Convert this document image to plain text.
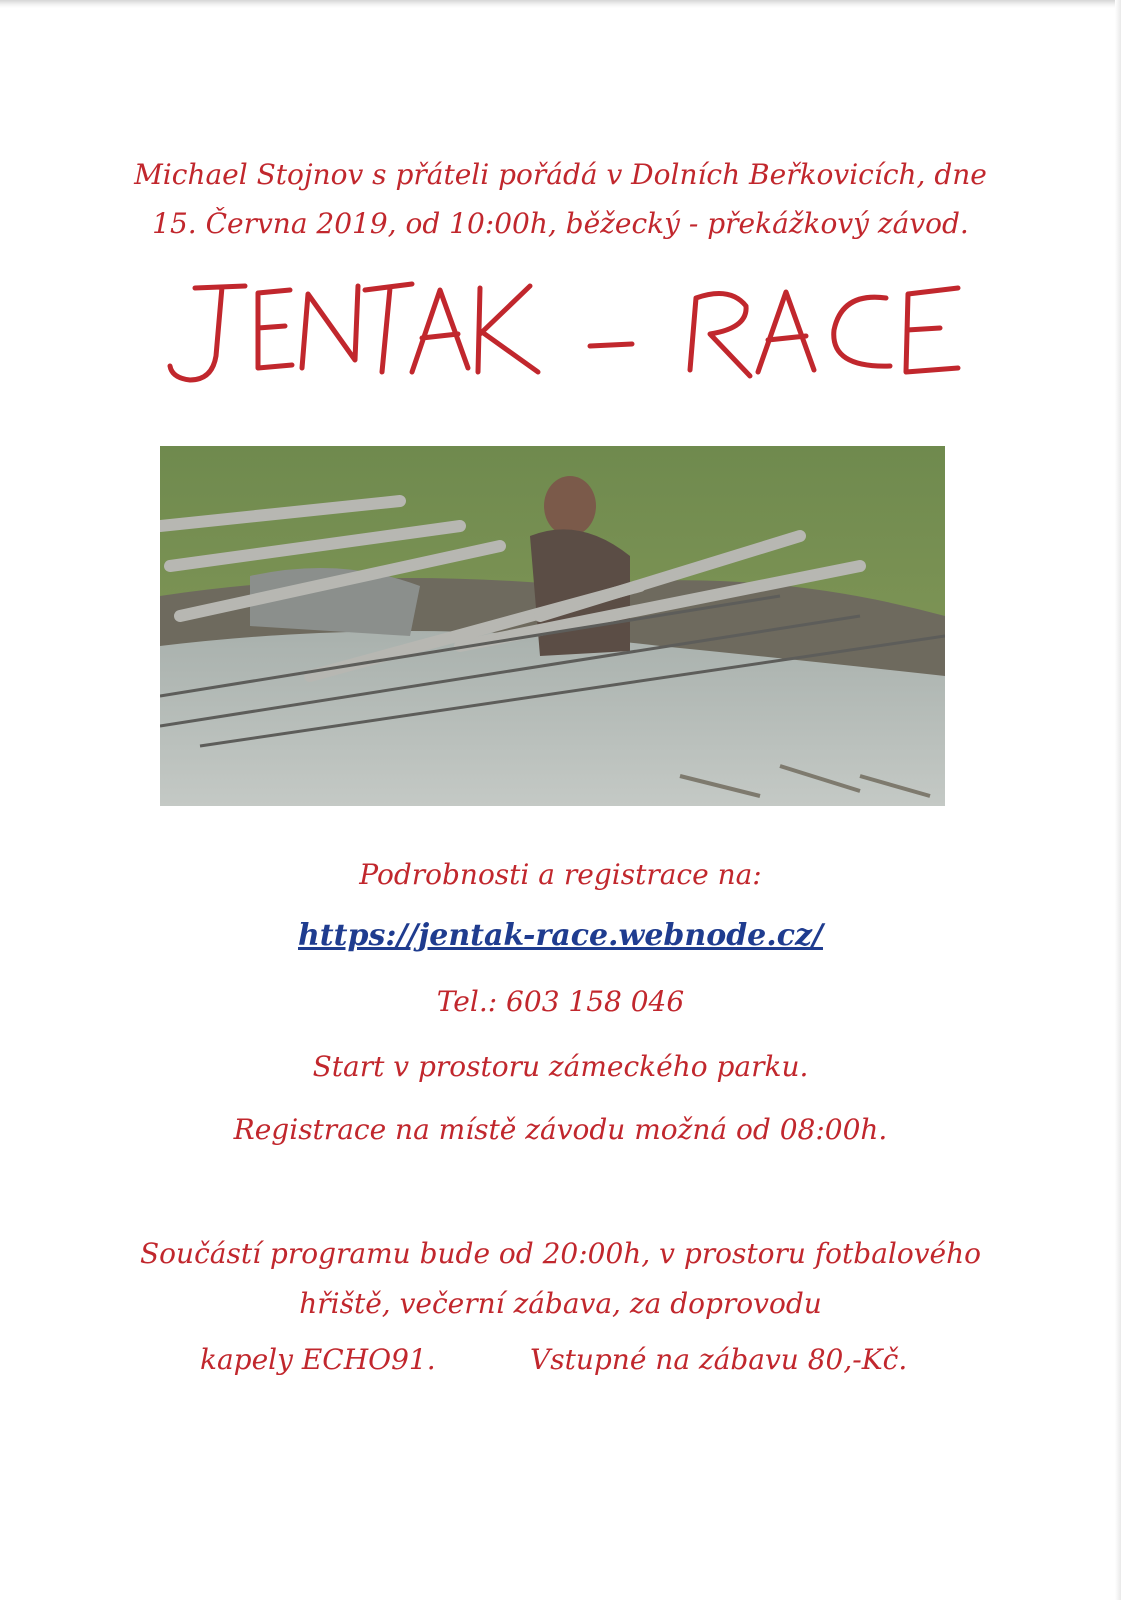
Michael Stojnov s přáteli pořádá v Dolních Beřkovicích, dne
15. Června 2019, od 10:00h, běžecký - překážkový závod.
Podrobnosti a registrace na:
https://jentak-race.webnode.cz/
Tel.: 603 158 046
Start v prostoru zámeckého parku.
Registrace na místě závodu možná od 08:00h.
Součástí programu bude od 20:00h, v prostoru fotbalového
hřiště, večerní zábava, za doprovodu
kapely ECHO91.	Vstupné na zábavu 80,-Kč.
